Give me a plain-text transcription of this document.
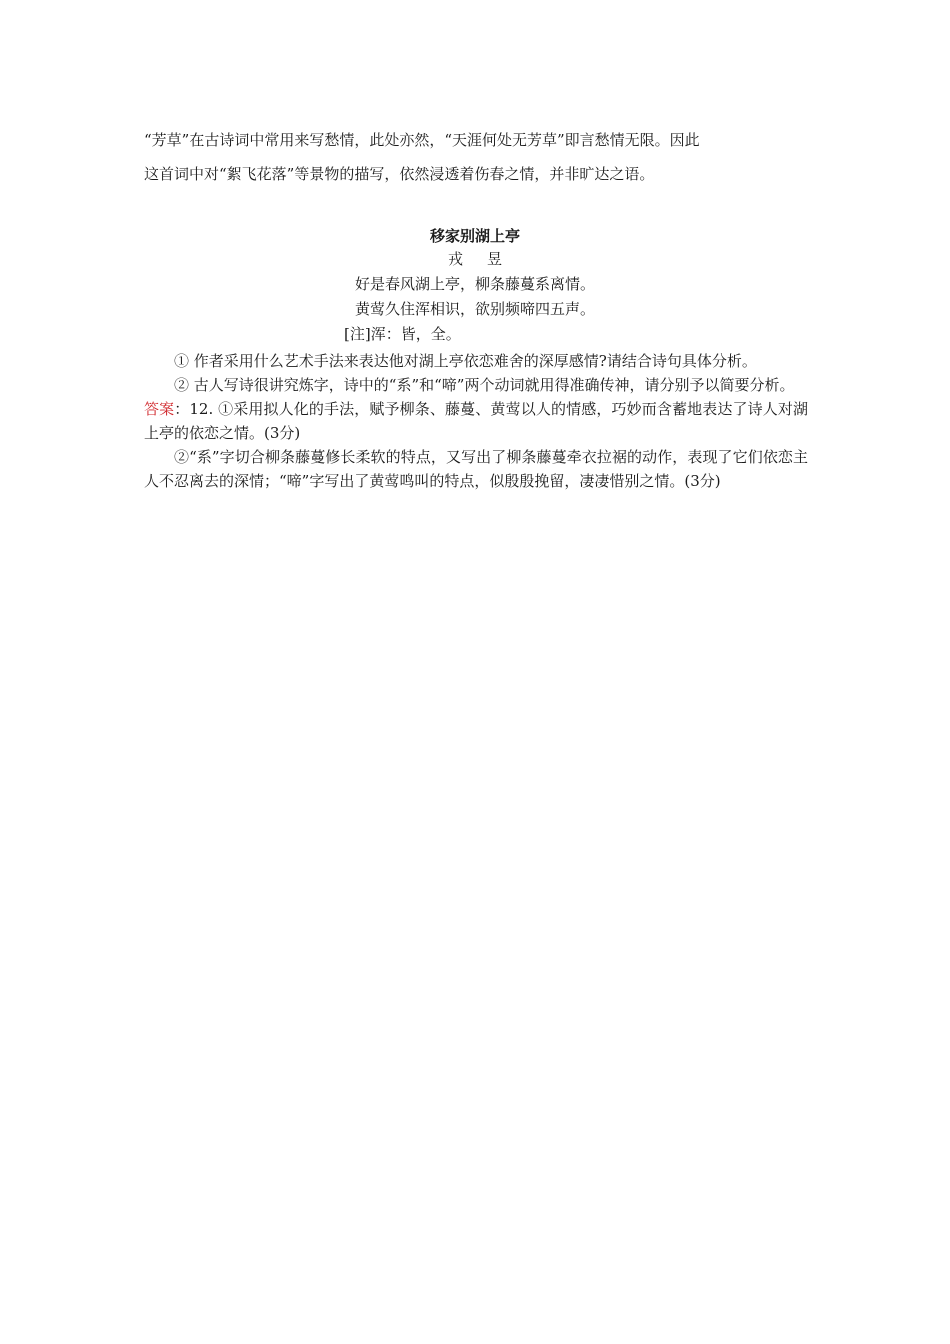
“芳草”在古诗词中常用来写愁情，此处亦然，“天涯何处无芳草”即言愁情无限。因此

这首词中对“絮飞花落”等景物的描写，依然浸透着伤春之情，并非旷达之语。

移家别湖上亭
戎 昱
好是春风湖上亭，柳条藤蔓系离情。
黄莺久住浑相识，欲别频啼四五声。
[注]浑：皆，全。

① 作者采用什么艺术手法来表达他对湖上亭依恋难舍的深厚感情?请结合诗句具体分析。

② 古人写诗很讲究炼字，诗中的“系”和“啼”两个动词就用得准确传神，请分别予以简要分析。

答案：12. ①采用拟人化的手法，赋予柳条、藤蔓、黄莺以人的情感，巧妙而含蓄地表达了诗人对湖上亭的依恋之情。(3分)

②“系”字切合柳条藤蔓修长柔软的特点，又写出了柳条藤蔓牵衣拉裾的动作，表现了它们依恋主人不忍离去的深情；“啼”字写出了黄莺鸣叫的特点，似殷殷挽留，凄凄惜别之情。(3分)
